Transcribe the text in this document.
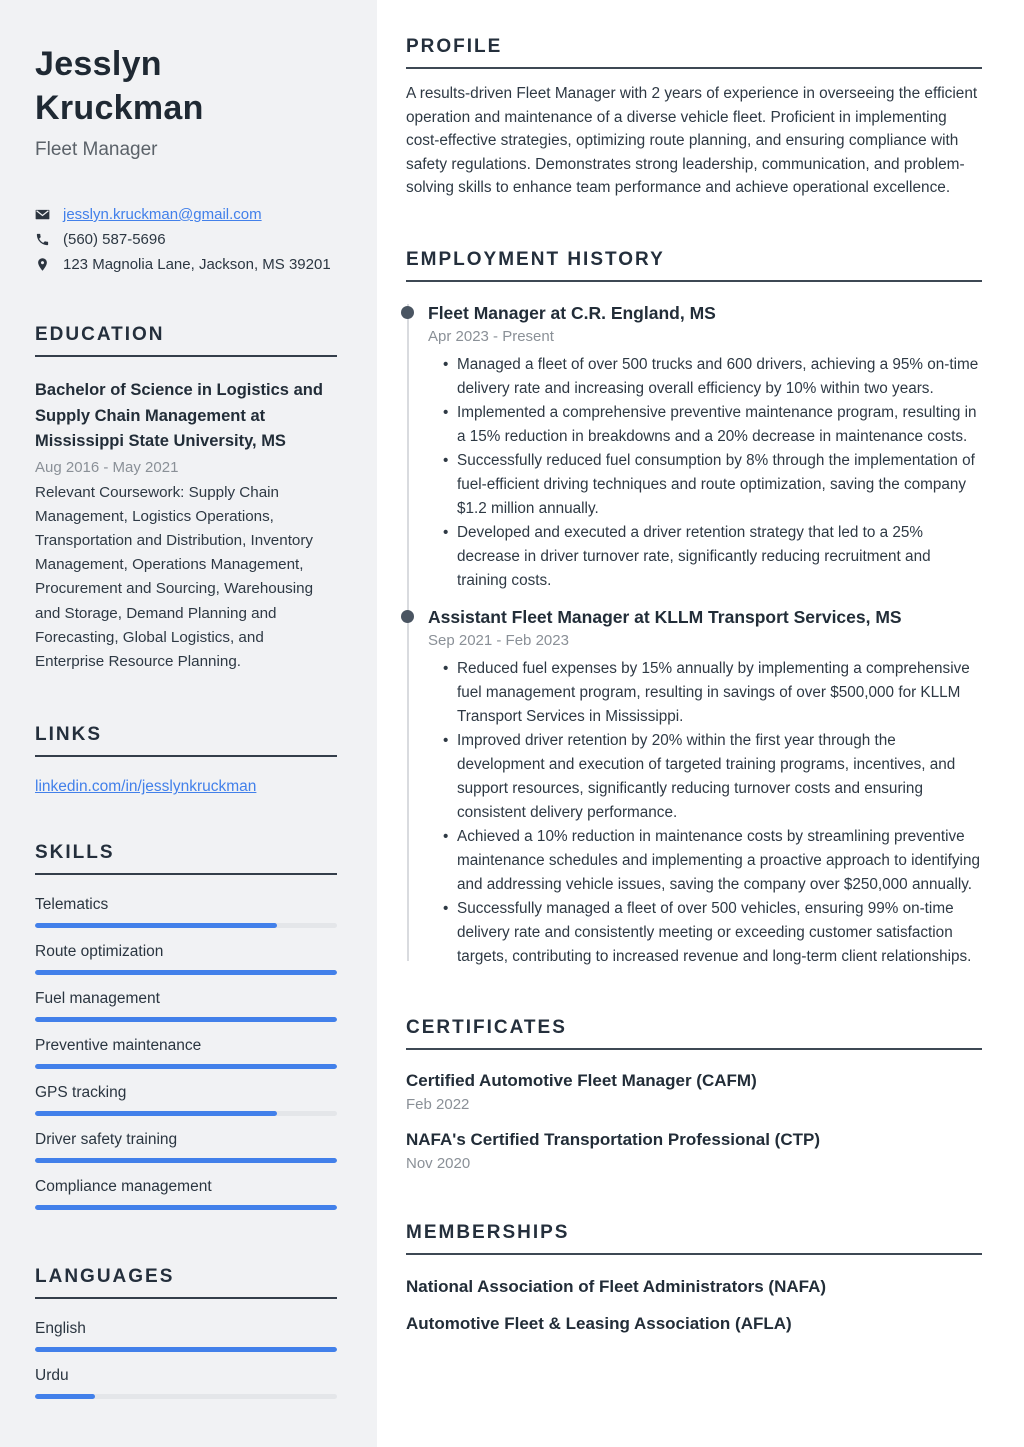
Jesslyn Kruckman
Fleet Manager
jesslyn.kruckman@gmail.com
(560) 587-5696
123 Magnolia Lane, Jackson, MS 39201
EDUCATION
Bachelor of Science in Logistics and Supply Chain Management at Mississippi State University, MS
Aug 2016 - May 2021
Relevant Coursework: Supply Chain Management, Logistics Operations, Transportation and Distribution, Inventory Management, Operations Management, Procurement and Sourcing, Warehousing and Storage, Demand Planning and Forecasting, Global Logistics, and Enterprise Resource Planning.
LINKS
linkedin.com/in/jesslynkruckman
SKILLS
Telematics
Route optimization
Fuel management
Preventive maintenance
GPS tracking
Driver safety training
Compliance management
LANGUAGES
English
Urdu
PROFILE

A results-driven Fleet Manager with 2 years of experience in overseeing the efficient operation and maintenance of a diverse vehicle fleet. Proficient in implementing cost-effective strategies, optimizing route planning, and ensuring compliance with safety regulations. Demonstrates strong leadership, communication, and problem-solving skills to enhance team performance and achieve operational excellence.

EMPLOYMENT HISTORY
Fleet Manager at C.R. England, MS
Apr 2023 - Present
• Managed a fleet of over 500 trucks and 600 drivers, achieving a 95% on-time delivery rate and increasing overall efficiency by 10% within two years.
• Implemented a comprehensive preventive maintenance program, resulting in a 15% reduction in breakdowns and a 20% decrease in maintenance costs.
• Successfully reduced fuel consumption by 8% through the implementation of fuel-efficient driving techniques and route optimization, saving the company $1.2 million annually.
• Developed and executed a driver retention strategy that led to a 25% decrease in driver turnover rate, significantly reducing recruitment and training costs.
Assistant Fleet Manager at KLLM Transport Services, MS
Sep 2021 - Feb 2023
• Reduced fuel expenses by 15% annually by implementing a comprehensive fuel management program, resulting in savings of over $500,000 for KLLM Transport Services in Mississippi.
• Improved driver retention by 20% within the first year through the development and execution of targeted training programs, incentives, and support resources, significantly reducing turnover costs and ensuring consistent delivery performance.
• Achieved a 10% reduction in maintenance costs by streamlining preventive maintenance schedules and implementing a proactive approach to identifying and addressing vehicle issues, saving the company over $250,000 annually.
• Successfully managed a fleet of over 500 vehicles, ensuring 99% on-time delivery rate and consistently meeting or exceeding customer satisfaction targets, contributing to increased revenue and long-term client relationships.
CERTIFICATES
Certified Automotive Fleet Manager (CAFM)
Feb 2022
NAFA's Certified Transportation Professional (CTP)
Nov 2020
MEMBERSHIPS
National Association of Fleet Administrators (NAFA)
Automotive Fleet & Leasing Association (AFLA)
